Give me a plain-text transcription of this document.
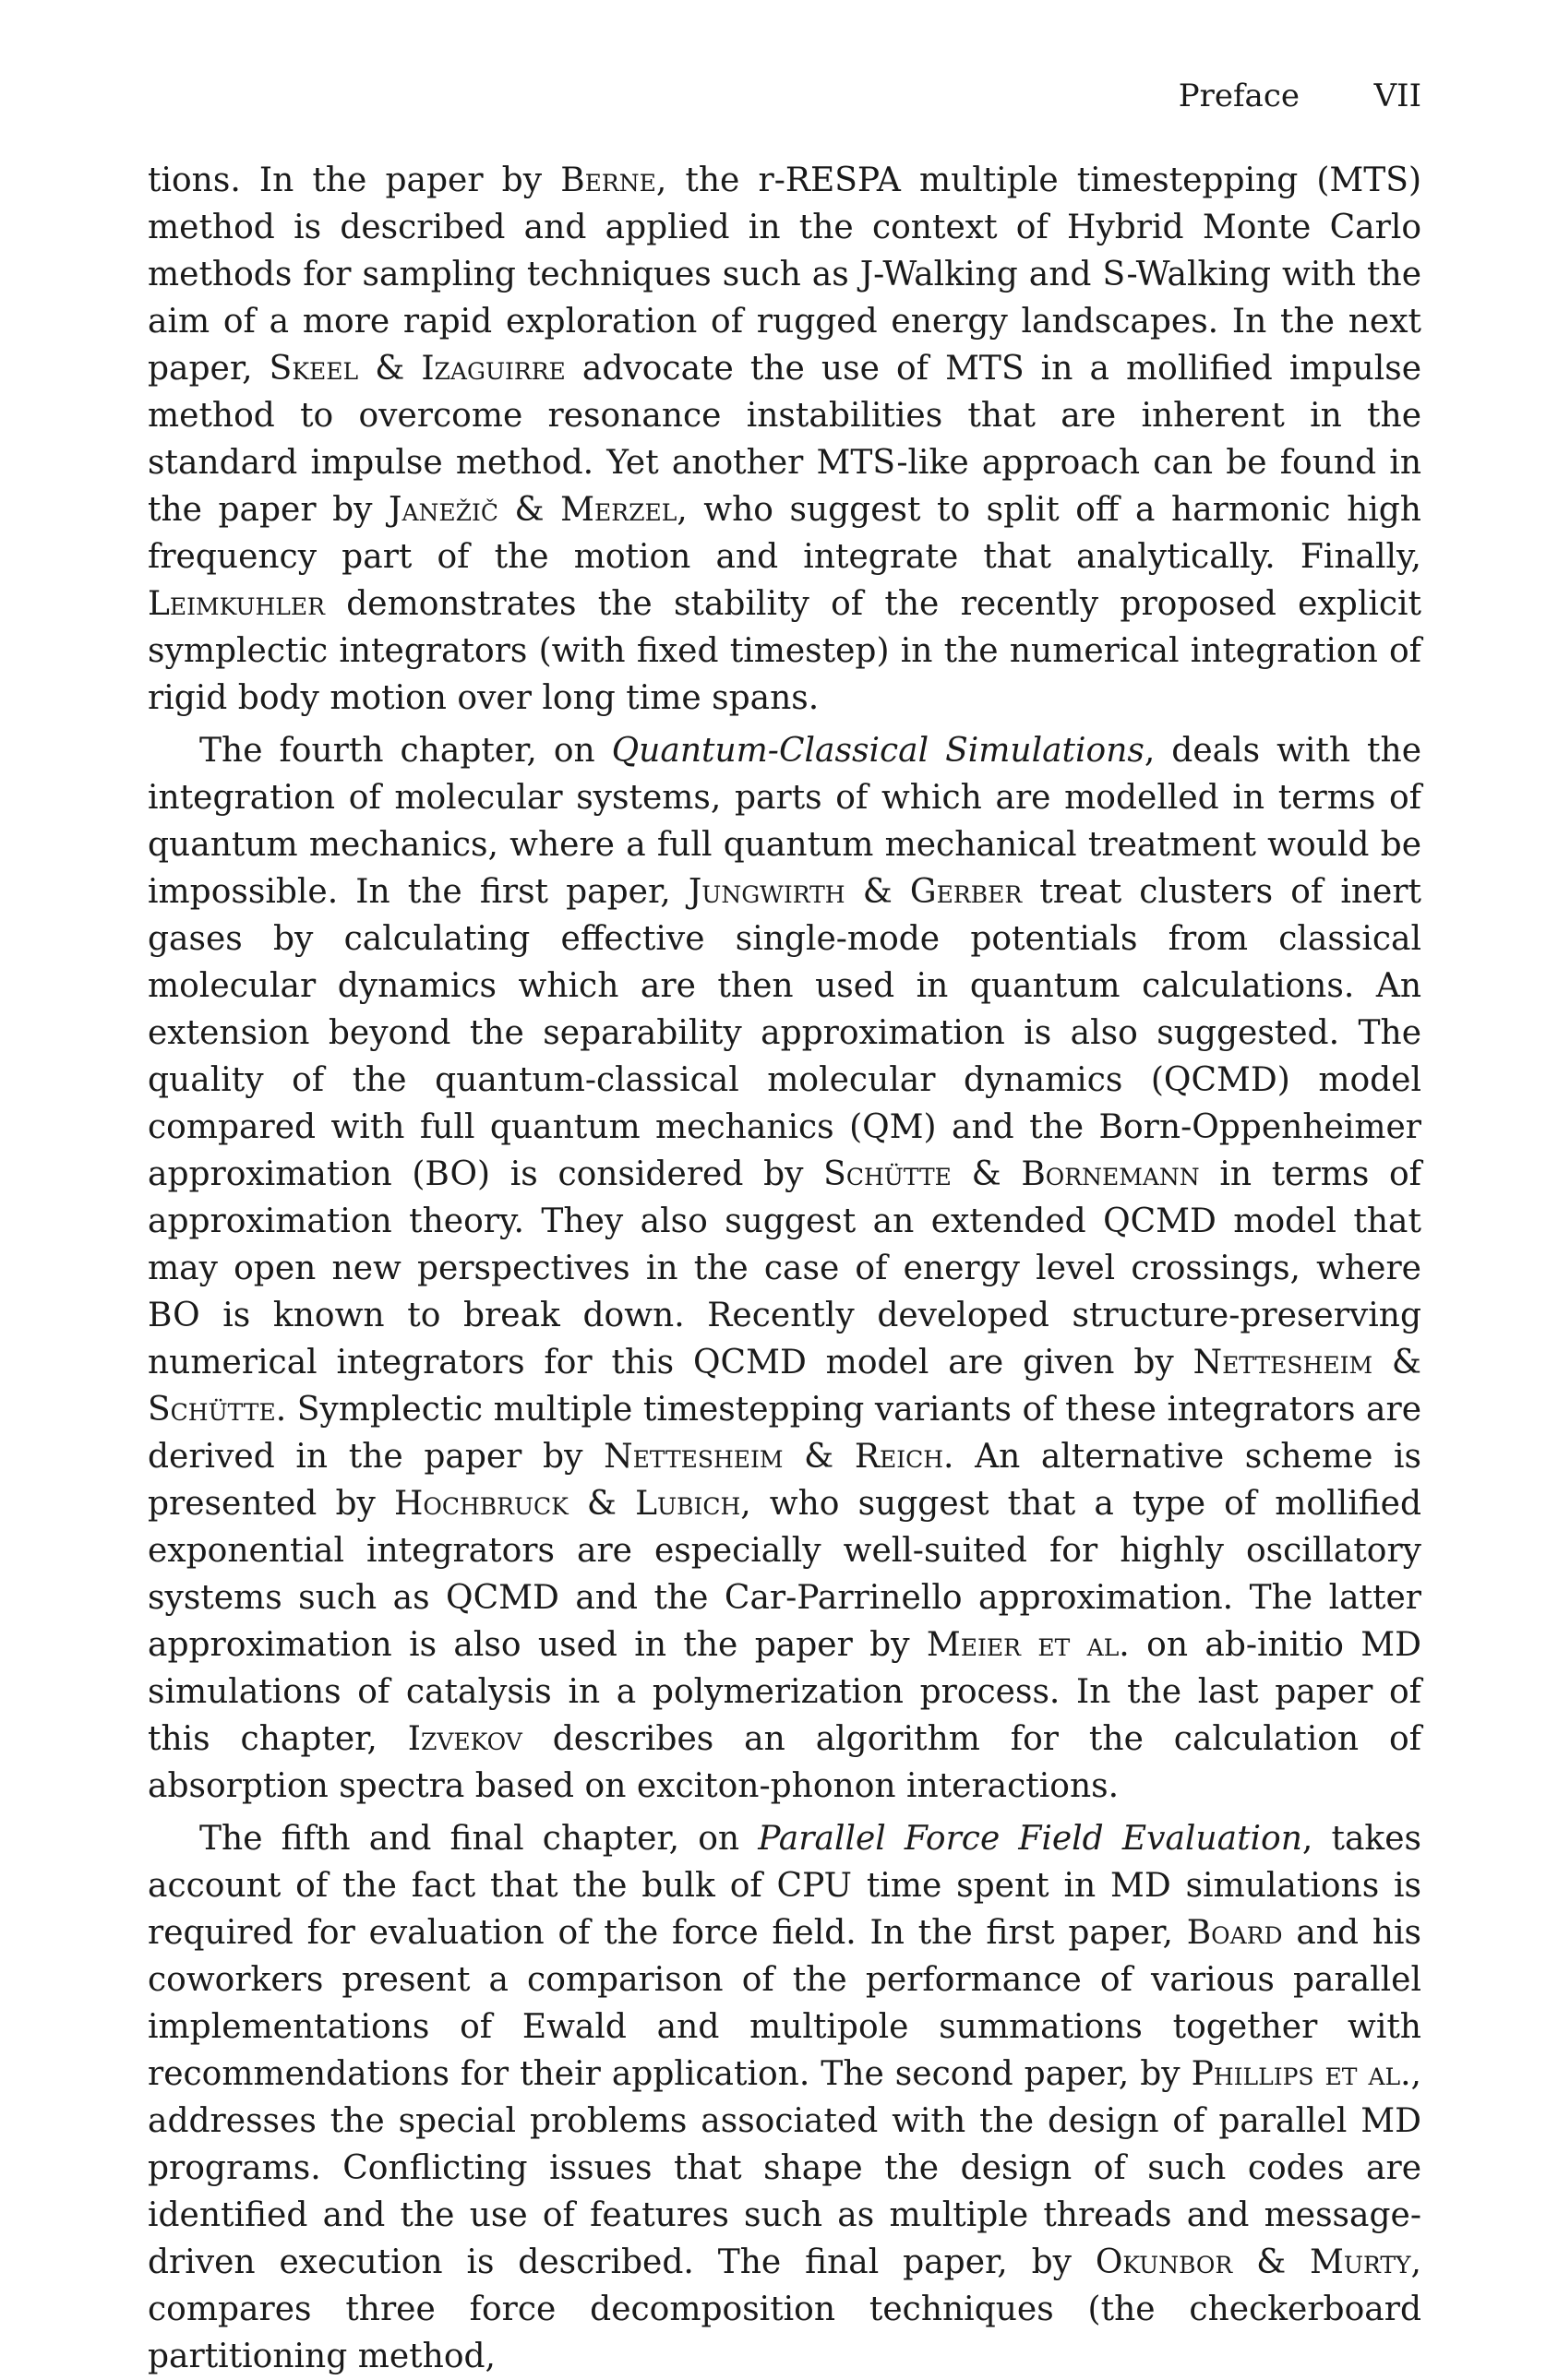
Preface VII

tions. In the paper by Berne, the r-RESPA multiple timestepping (MTS) method is described and applied in the context of Hybrid Monte Carlo methods for sampling techniques such as J-Walking and S-Walking with the aim of a more rapid exploration of rugged energy landscapes. In the next paper, Skeel & Izaguirre advocate the use of MTS in a mollified impulse method to overcome resonance instabilities that are inherent in the standard impulse method. Yet another MTS-like approach can be found in the paper by Janežič & Merzel, who suggest to split off a harmonic high frequency part of the motion and integrate that analytically. Finally, Leimkuhler demonstrates the stability of the recently proposed explicit symplectic integrators (with fixed timestep) in the numerical integration of rigid body motion over long time spans.

The fourth chapter, on Quantum-Classical Simulations, deals with the integration of molecular systems, parts of which are modelled in terms of quantum mechanics, where a full quantum mechanical treatment would be impossible. In the first paper, Jungwirth & Gerber treat clusters of inert gases by calculating effective single-mode potentials from classical molecular dynamics which are then used in quantum calculations. An extension beyond the separability approximation is also suggested. The quality of the quantum-classical molecular dynamics (QCMD) model compared with full quantum mechanics (QM) and the Born-Oppenheimer approximation (BO) is considered by Schütte & Bornemann in terms of approximation theory. They also suggest an extended QCMD model that may open new perspectives in the case of energy level crossings, where BO is known to break down. Recently developed structure-preserving numerical integrators for this QCMD model are given by Nettesheim & Schütte. Symplectic multiple timestepping variants of these integrators are derived in the paper by Nettesheim & Reich. An alternative scheme is presented by Hochbruck & Lubich, who suggest that a type of mollified exponential integrators are especially well-suited for highly oscillatory systems such as QCMD and the Car-Parrinello approximation. The latter approximation is also used in the paper by Meier et al. on ab-initio MD simulations of catalysis in a polymerization process. In the last paper of this chapter, Izvekov describes an algorithm for the calculation of absorption spectra based on exciton-phonon interactions.

The fifth and final chapter, on Parallel Force Field Evaluation, takes account of the fact that the bulk of CPU time spent in MD simulations is required for evaluation of the force field. In the first paper, Board and his coworkers present a comparison of the performance of various parallel implementations of Ewald and multipole summations together with recommendations for their application. The second paper, by Phillips et al., addresses the special problems associated with the design of parallel MD programs. Conflicting issues that shape the design of such codes are identified and the use of features such as multiple threads and message-driven execution is described. The final paper, by Okunbor & Murty, compares three force decomposition techniques (the checkerboard partitioning method,
